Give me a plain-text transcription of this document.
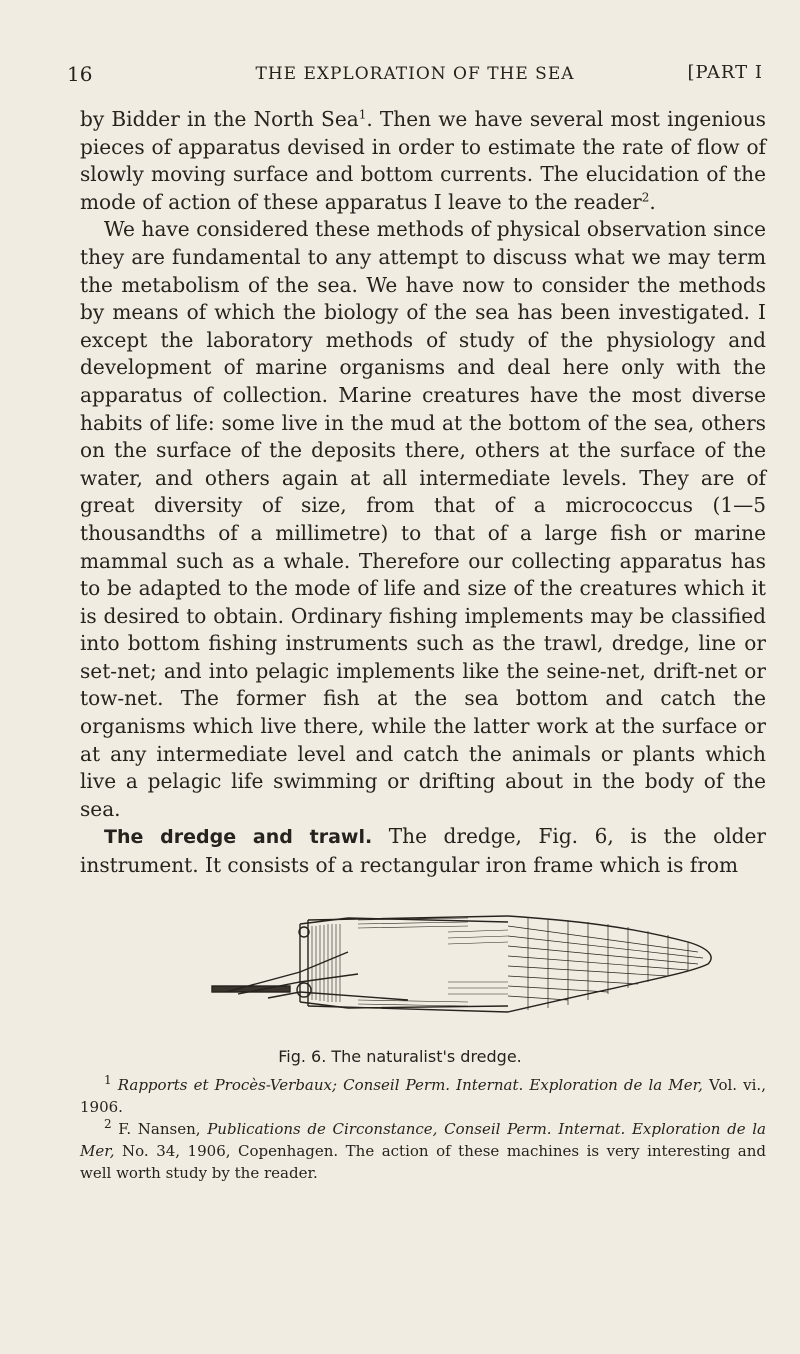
16	THE EXPLORATION OF THE SEA	[PART I

by Bidder in the North Sea$^1$. Then we have several most ingenious pieces of apparatus devised in order to estimate the rate of flow of slowly moving surface and bottom currents. The elucidation of the mode of action of these apparatus I leave to the reader$^2$.

We have considered these methods of physical observation since they are fundamental to any attempt to discuss what we may term the metabolism of the sea. We have now to consider the methods by means of which the biology of the sea has been investigated. I except the laboratory methods of study of the physiology and development of marine organisms and deal here only with the apparatus of collection. Marine creatures have the most diverse habits of life: some live in the mud at the bottom of the sea, others on the surface of the deposits there, others at the surface of the water, and others again at all intermediate levels. They are of great diversity of size, from that of a micrococcus (1—5 thousandths of a millimetre) to that of a large fish or marine mammal such as a whale. Therefore our collecting apparatus has to be adapted to the mode of life and size of the creatures which it is desired to obtain. Ordinary fishing implements may be classified into bottom fishing instruments such as the trawl, dredge, line or set-net; and into pelagic implements like the seine-net, drift-net or tow-net. The former fish at the sea bottom and catch the organisms which live there, while the latter work at the surface or at any intermediate level and catch the animals or plants which live a pelagic life swimming or drifting about in the body of the sea.

The dredge and trawl. The dredge, Fig. 6, is the older instrument. It consists of a rectangular iron frame which is from

Fig. 6. The naturalist's dredge.

$^1$ Rapports et Procès-Verbaux; Conseil Perm. Internat. Exploration de la Mer, Vol. vi., 1906.

$^2$ F. Nansen, Publications de Circonstance, Conseil Perm. Internat. Exploration de la Mer, No. 34, 1906, Copenhagen. The action of these machines is very interesting and well worth study by the reader.
